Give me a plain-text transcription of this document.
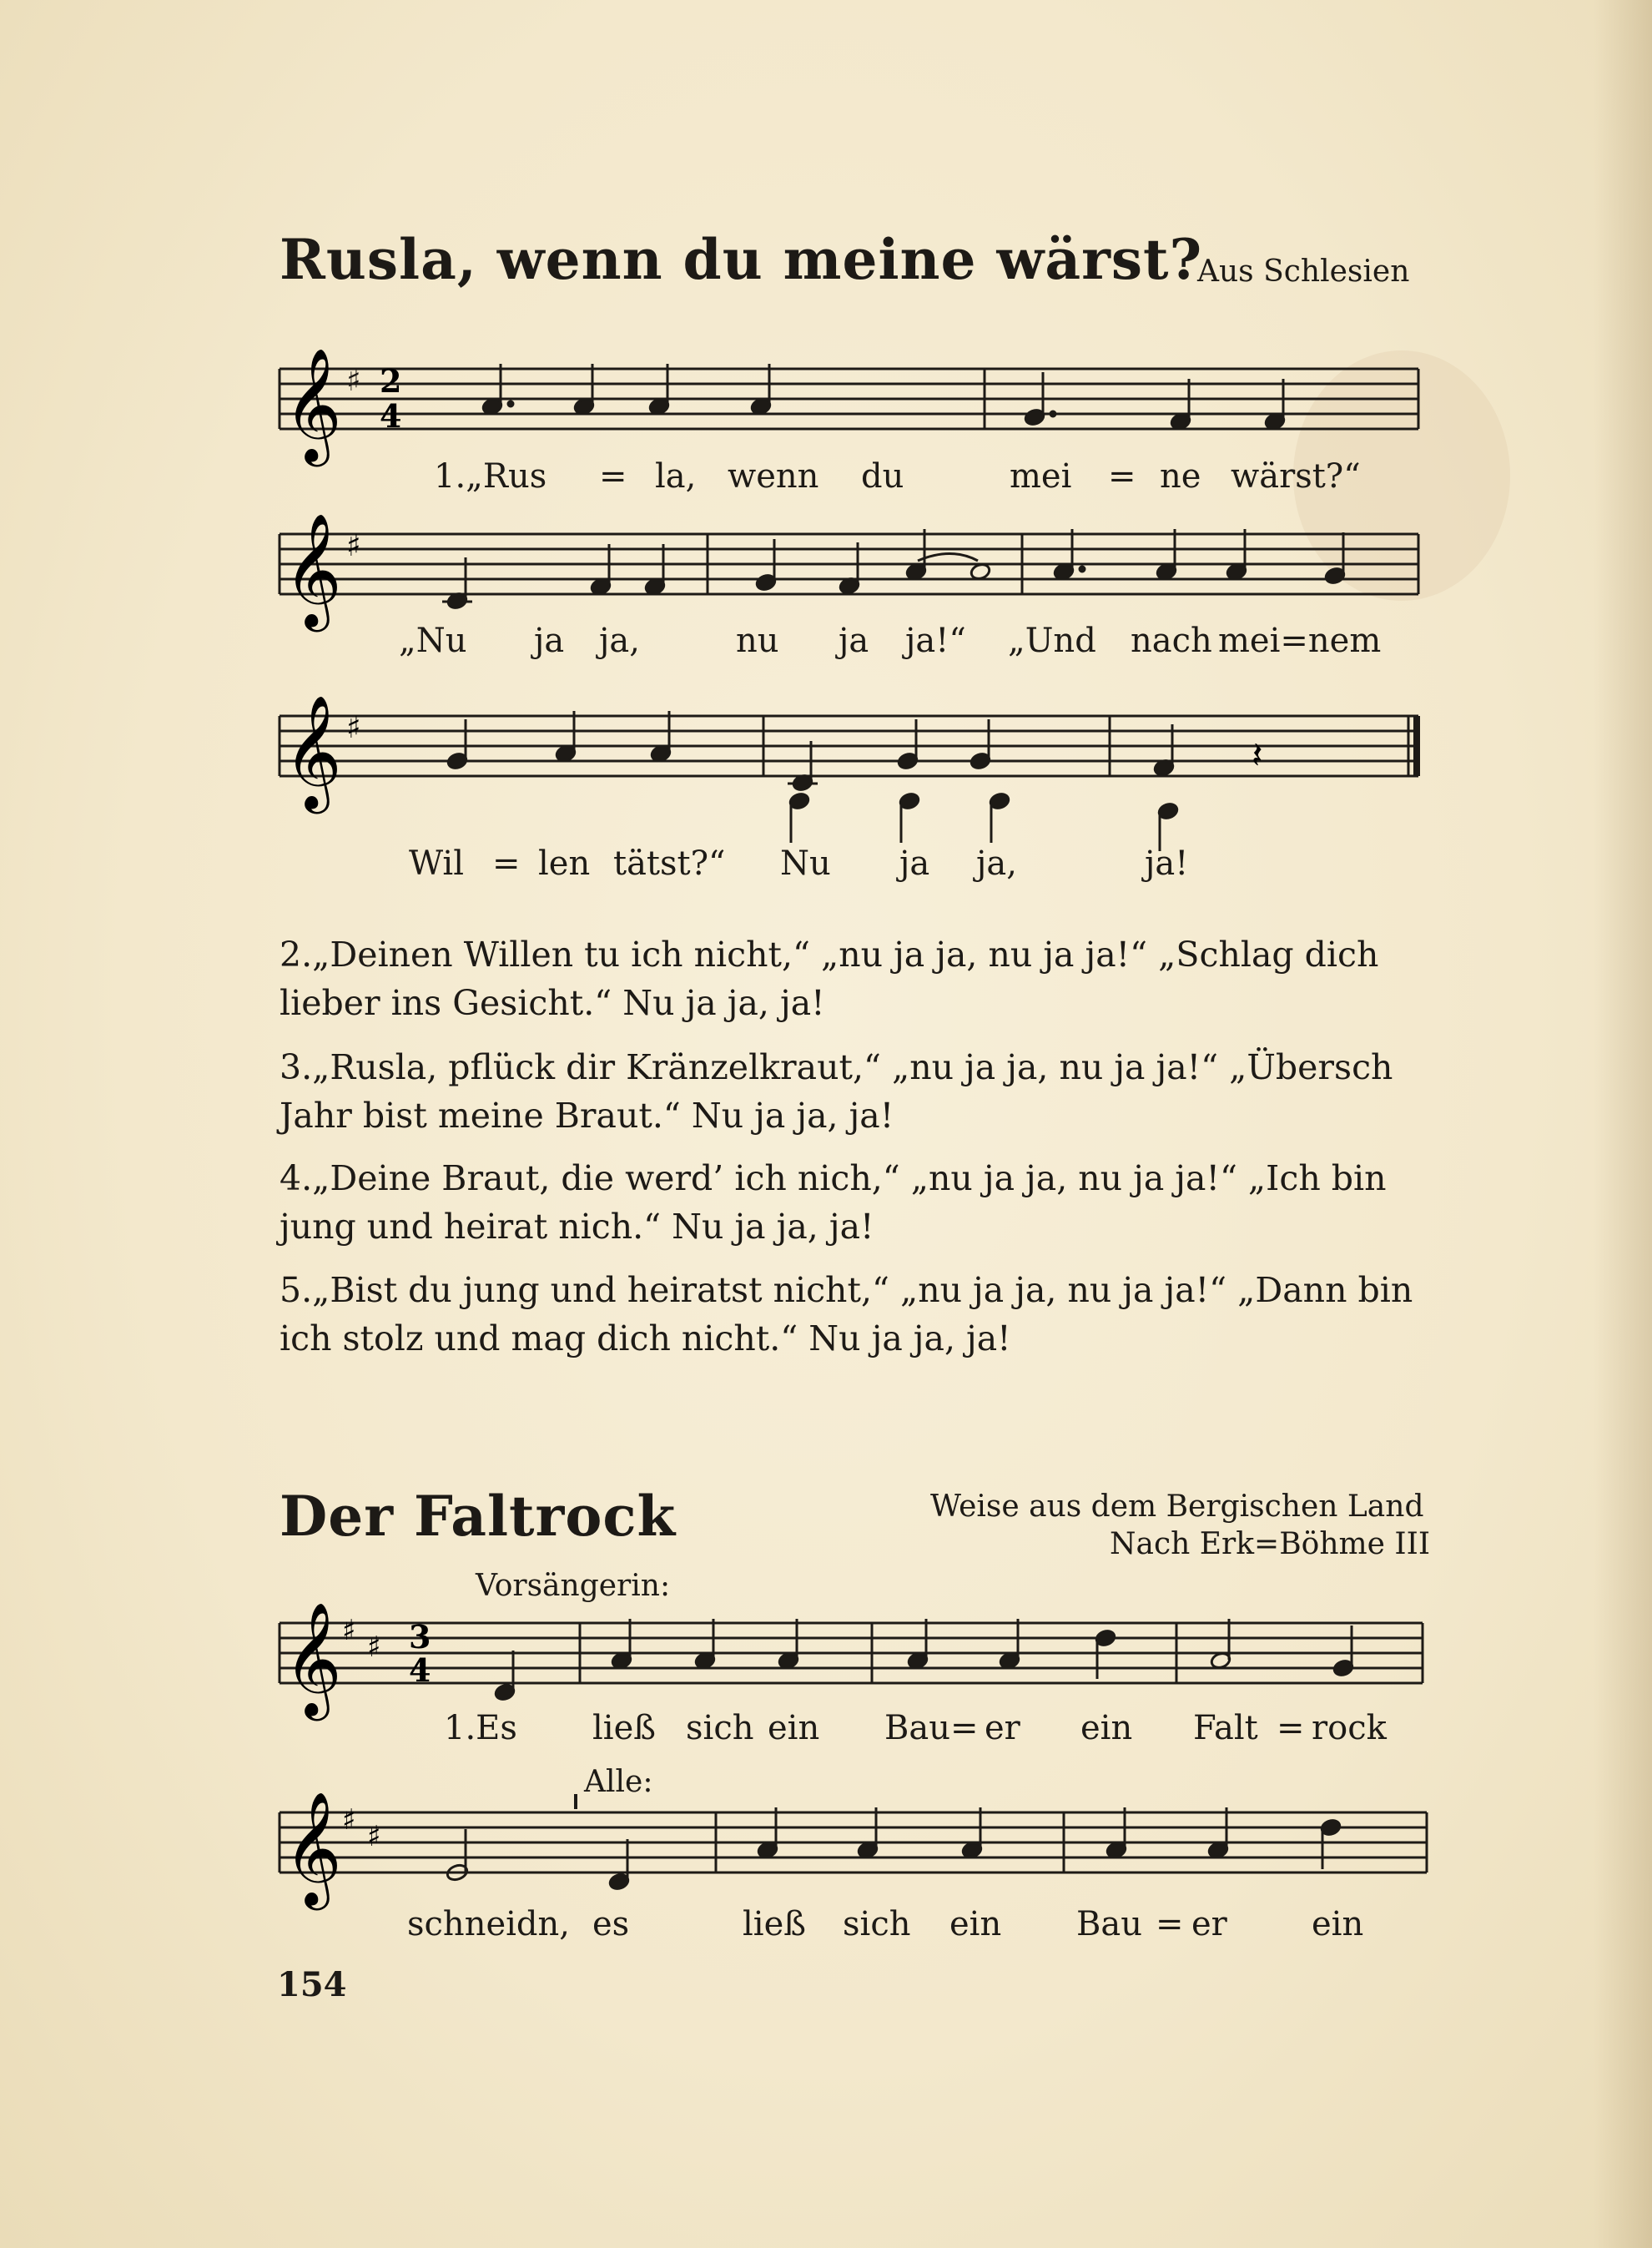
Rusla, wenn du meine wärst?
Aus Schlesien
𝄞 ♯ 2
4
1.„Rus = la, wenn du	mei = ne wärst?“
𝄞 ♯
„Nu ja ja,	nu ja ja!“ „Und nach mei=nem
𝄞 ♯
𝄽
Wil = len tätst?“ Nu ja ja,	ja!

2.„Deinen Willen tu ich nicht,“ „nu ja ja, nu ja ja!“ „Schlag dich lieber ins Gesicht.“ Nu ja ja, ja!

3.„Rusla, pflück dir Kränzelkraut,“ „nu ja ja, nu ja ja!“ „Übersch Jahr bist meine Braut.“ Nu ja ja, ja!

4.„Deine Braut, die werd’ ich nich,“ „nu ja ja, nu ja ja!“ „Ich bin jung und heirat nich.“ Nu ja ja, ja!

5.„Bist du jung und heiratst nicht,“ „nu ja ja, nu ja ja!“ „Dann bin ich stolz und mag dich nicht.“ Nu ja ja, ja!

Der Faltrock	Weise aus dem Bergischen Land
Nach Erk=Böhme III
Vorsängerin:
𝄞 ♯ ♯ 3
4
1.Es ließ sich ein Bau= er ein Falt = rock
Alle:
𝄞 ♯ ♯
schneidn, es	ließ sich ein Bau = er	ein
154
